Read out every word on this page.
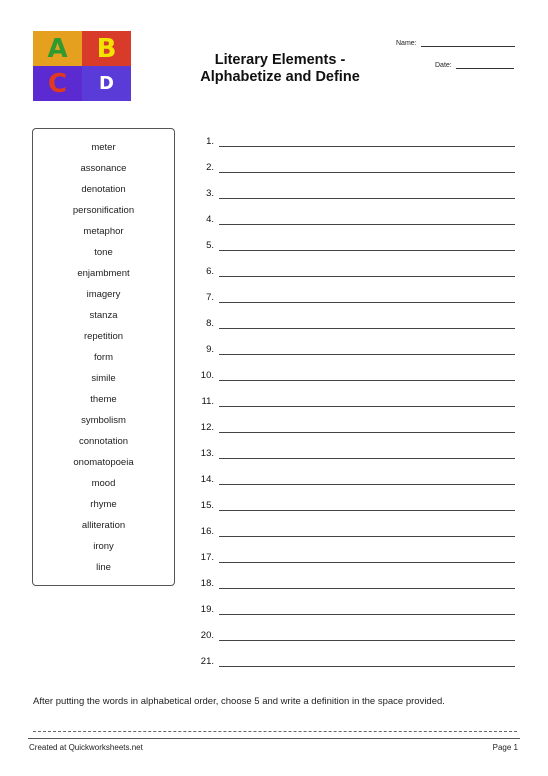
A B
C D
Literary Elements -
Alphabetize and Define
Name:
Date:
meter
assonance
denotation
personification
metaphor
tone
enjambment
imagery
stanza
repetition
form
simile
theme
symbolism
connotation
onomatopoeia
mood
rhyme
alliteration
irony
line
1.
2.
3.
4.
5.
6.
7.
8.
9.
10.
11.
12.
13.
14.
15.
16.
17.
18.
19.
20.
21.
After putting the words in alphabetical order, choose 5 and write a definition in the space provided.
Created at Quickworksheets.net	Page 1
